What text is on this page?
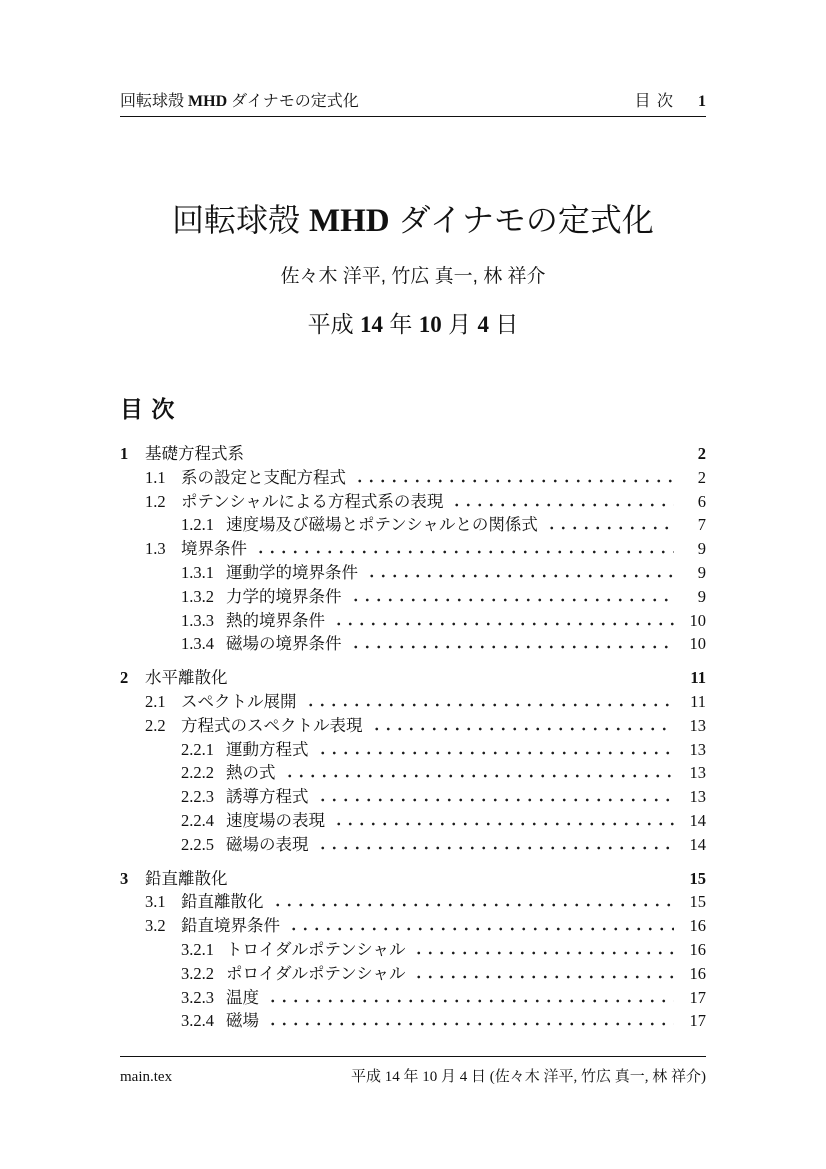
回転球殻 MHD ダイナモの定式化	目 次 1
回転球殻 MHD ダイナモの定式化
佐々木 洋平, 竹広 真一, 林 祥介
平成 14 年 10 月 4 日
目 次
1	基礎方程式系	2
1.1 系の設定と支配方程式	2
1.2 ポテンシャルによる方程式系の表現	6
1.2.1 速度場及び磁場とポテンシャルとの関係式	7
1.3 境界条件	9
1.3.1 運動学的境界条件	9
1.3.2 力学的境界条件	9
1.3.3 熱的境界条件	10
1.3.4 磁場の境界条件	10
2	水平離散化	11
2.1 スペクトル展開	11
2.2 方程式のスペクトル表現	13
2.2.1 運動方程式	13
2.2.2 熱の式	13
2.2.3 誘導方程式	13
2.2.4 速度場の表現	14
2.2.5 磁場の表現	14
3	鉛直離散化	15
3.1 鉛直離散化	15
3.2 鉛直境界条件	16
3.2.1 トロイダルポテンシャル	16
3.2.2 ポロイダルポテンシャル	16
3.2.3 温度	17
3.2.4 磁場	17
main.tex	平成 14 年 10 月 4 日 (佐々木 洋平, 竹広 真一, 林 祥介)
